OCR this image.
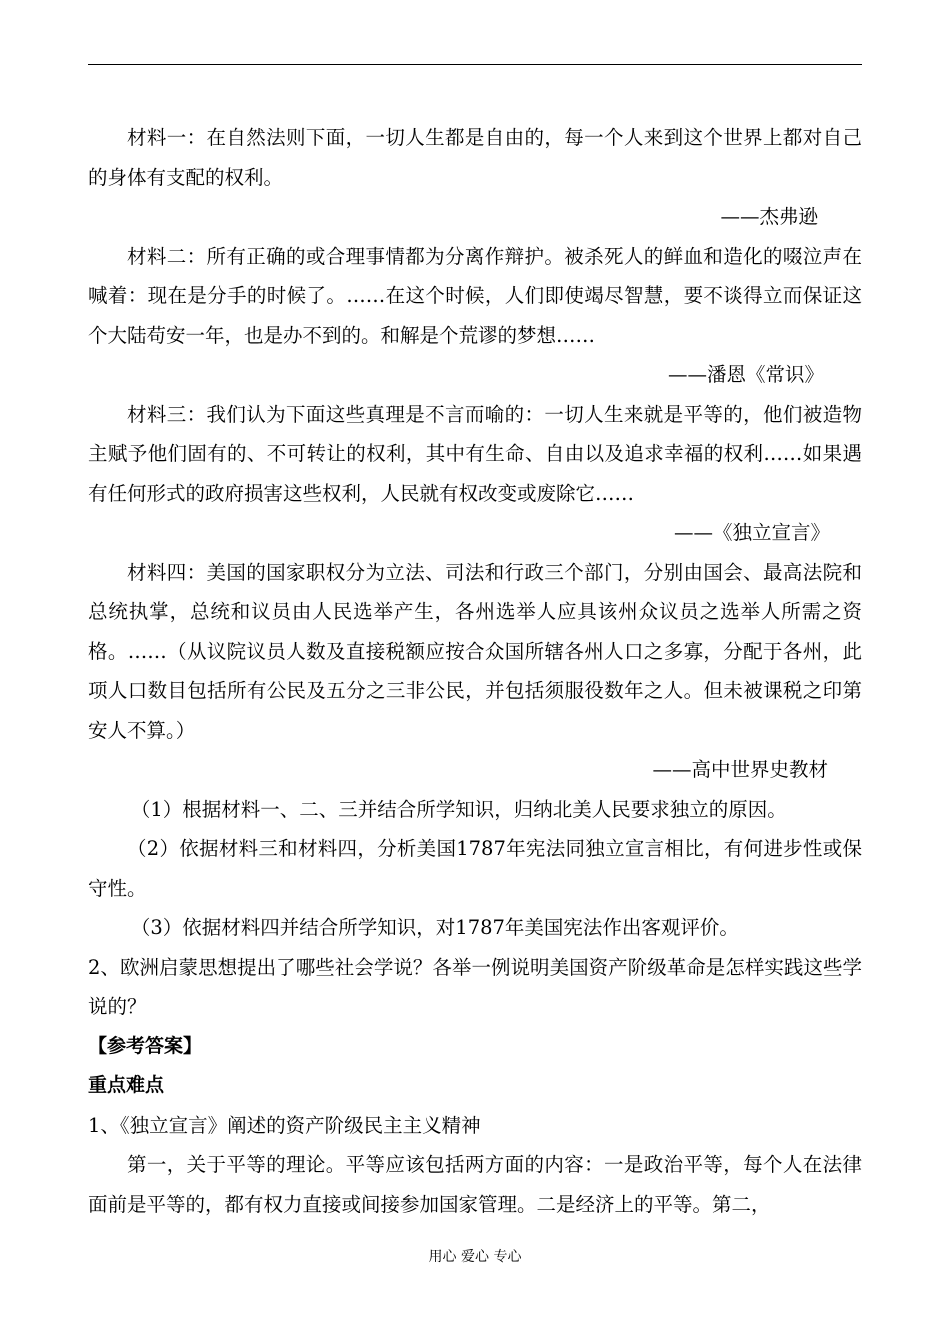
材料一：在自然法则下面，一切人生都是自由的，每一个人来到这个世界上都对自己的身体有支配的权利。

——杰弗逊

材料二：所有正确的或合理事情都为分离作辩护。被杀死人的鲜血和造化的啜泣声在喊着：现在是分手的时候了。……在这个时候，人们即使竭尽智慧，要不谈得立而保证这个大陆苟安一年，也是办不到的。和解是个荒谬的梦想……

——潘恩《常识》

材料三：我们认为下面这些真理是不言而喻的：一切人生来就是平等的，他们被造物主赋予他们固有的、不可转让的权利，其中有生命、自由以及追求幸福的权利……如果遇有任何形式的政府损害这些权利，人民就有权改变或废除它……

——《独立宣言》

材料四：美国的国家职权分为立法、司法和行政三个部门，分别由国会、最高法院和总统执掌，总统和议员由人民选举产生，各州选举人应具该州众议员之选举人所需之资格。……（从议院议员人数及直接税额应按合众国所辖各州人口之多寡，分配于各州，此项人口数目包括所有公民及五分之三非公民，并包括须服役数年之人。但未被课税之印第安人不算。）

——高中世界史教材

（1）根据材料一、二、三并结合所学知识，归纳北美人民要求独立的原因。

（2）依据材料三和材料四，分析美国1787年宪法同独立宣言相比，有何进步性或保守性。

（3）依据材料四并结合所学知识，对1787年美国宪法作出客观评价。

2、欧洲启蒙思想提出了哪些社会学说？各举一例说明美国资产阶级革命是怎样实践这些学说的？

【参考答案】

重点难点

1、《独立宣言》阐述的资产阶级民主主义精神

第一，关于平等的理论。平等应该包括两方面的内容：一是政治平等，每个人在法律面前是平等的，都有权力直接或间接参加国家管理。二是经济上的平等。第二，

用心 爱心 专心
